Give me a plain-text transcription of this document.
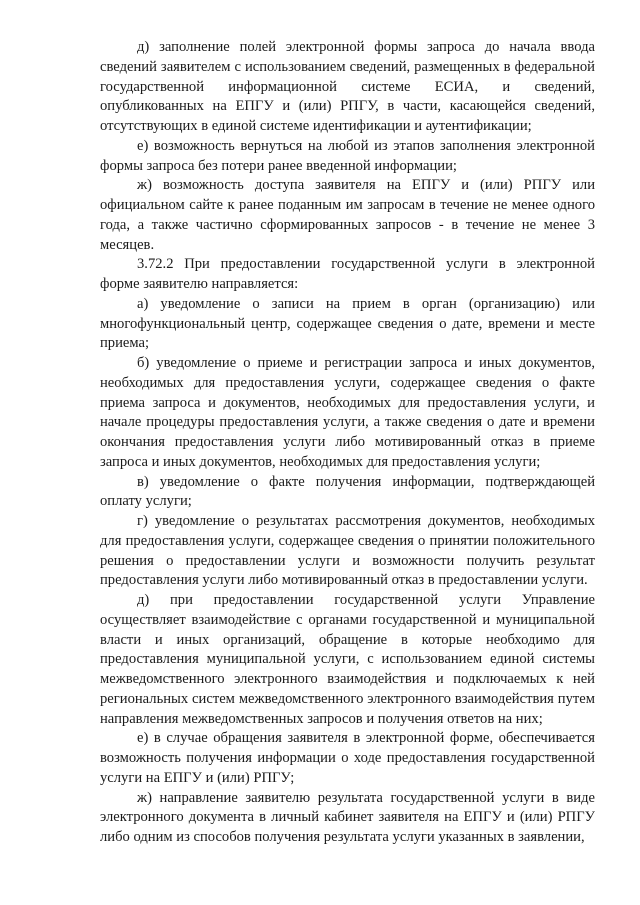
д) заполнение полей электронной формы запроса до начала ввода сведений заявителем с использованием сведений, размещенных в федеральной государственной информационной системе ЕСИА, и сведений, опубликованных на ЕПГУ и (или) РПГУ, в части, касающейся сведений, отсутствующих в единой системе идентификации и аутентификации;

е) возможность вернуться на любой из этапов заполнения электронной формы запроса без потери ранее введенной информации;

ж) возможность доступа заявителя на ЕПГУ и (или) РПГУ или официальном сайте к ранее поданным им запросам в течение не менее одного года, а также частично сформированных запросов - в течение не менее 3 месяцев.

3.72.2 При предоставлении государственной услуги в электронной форме заявителю направляется:

а) уведомление о записи на прием в орган (организацию) или многофункциональный центр, содержащее сведения о дате, времени и месте приема;

б) уведомление о приеме и регистрации запроса и иных документов, необходимых для предоставления услуги, содержащее сведения о факте приема запроса и документов, необходимых для предоставления услуги, и начале процедуры предоставления услуги, а также сведения о дате и времени окончания предоставления услуги либо мотивированный отказ в приеме запроса и иных документов, необходимых для предоставления услуги;

в) уведомление о факте получения информации, подтверждающей оплату услуги;

г) уведомление о результатах рассмотрения документов, необходимых для предоставления услуги, содержащее сведения о принятии положительного решения о предоставлении услуги и возможности получить результат предоставления услуги либо мотивированный отказ в предоставлении услуги.

д) при предоставлении государственной услуги Управление осуществляет взаимодействие с органами государственной и муниципальной власти и иных организаций, обращение в которые необходимо для предоставления муниципальной услуги, с использованием единой системы межведомственного электронного взаимодействия и подключаемых к ней региональных систем межведомственного электронного взаимодействия путем направления межведомственных запросов и получения ответов на них;

е) в случае обращения заявителя в электронной форме, обеспечивается возможность получения информации о ходе предоставления государственной услуги на ЕПГУ и (или) РПГУ;

ж) направление заявителю результата государственной услуги в виде электронного документа в личный кабинет заявителя на ЕПГУ и (или) РПГУ либо одним из способов получения результата услуги указанных в заявлении,
